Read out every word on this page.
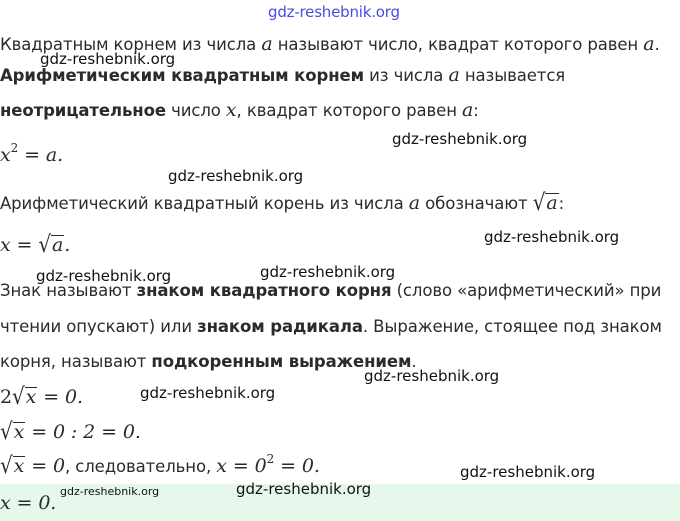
gdz-reshebnik.org
Квадратным корнем из числа a называют число, квадрат которого равен a.
Арифметическим квадратным корнем из числа a называется
неотрицательное число x, квадрат которого равен a:
$x^2 = a$.
Арифметический квадратный корень из числа a обозначают √a:
x = √a.
Знак называют знаком квадратного корня (слово «арифметический» при
чтении опускают) или знаком радикала. Выражение, стоящее под знаком
корня, называют подкоренным выражением.
2√x = 0.
√x = 0 : 2 = 0.
√x = 0, следовательно, $x = 0^2 = 0$.
x = 0.
gdz-reshebnik.org
gdz-reshebnik.org
gdz-reshebnik.org
gdz-reshebnik.org
gdz-reshebnik.org
gdz-reshebnik.org
gdz-reshebnik.org
gdz-reshebnik.org
gdz-reshebnik.org
gdz-reshebnik.org	gdz-reshebnik.org
